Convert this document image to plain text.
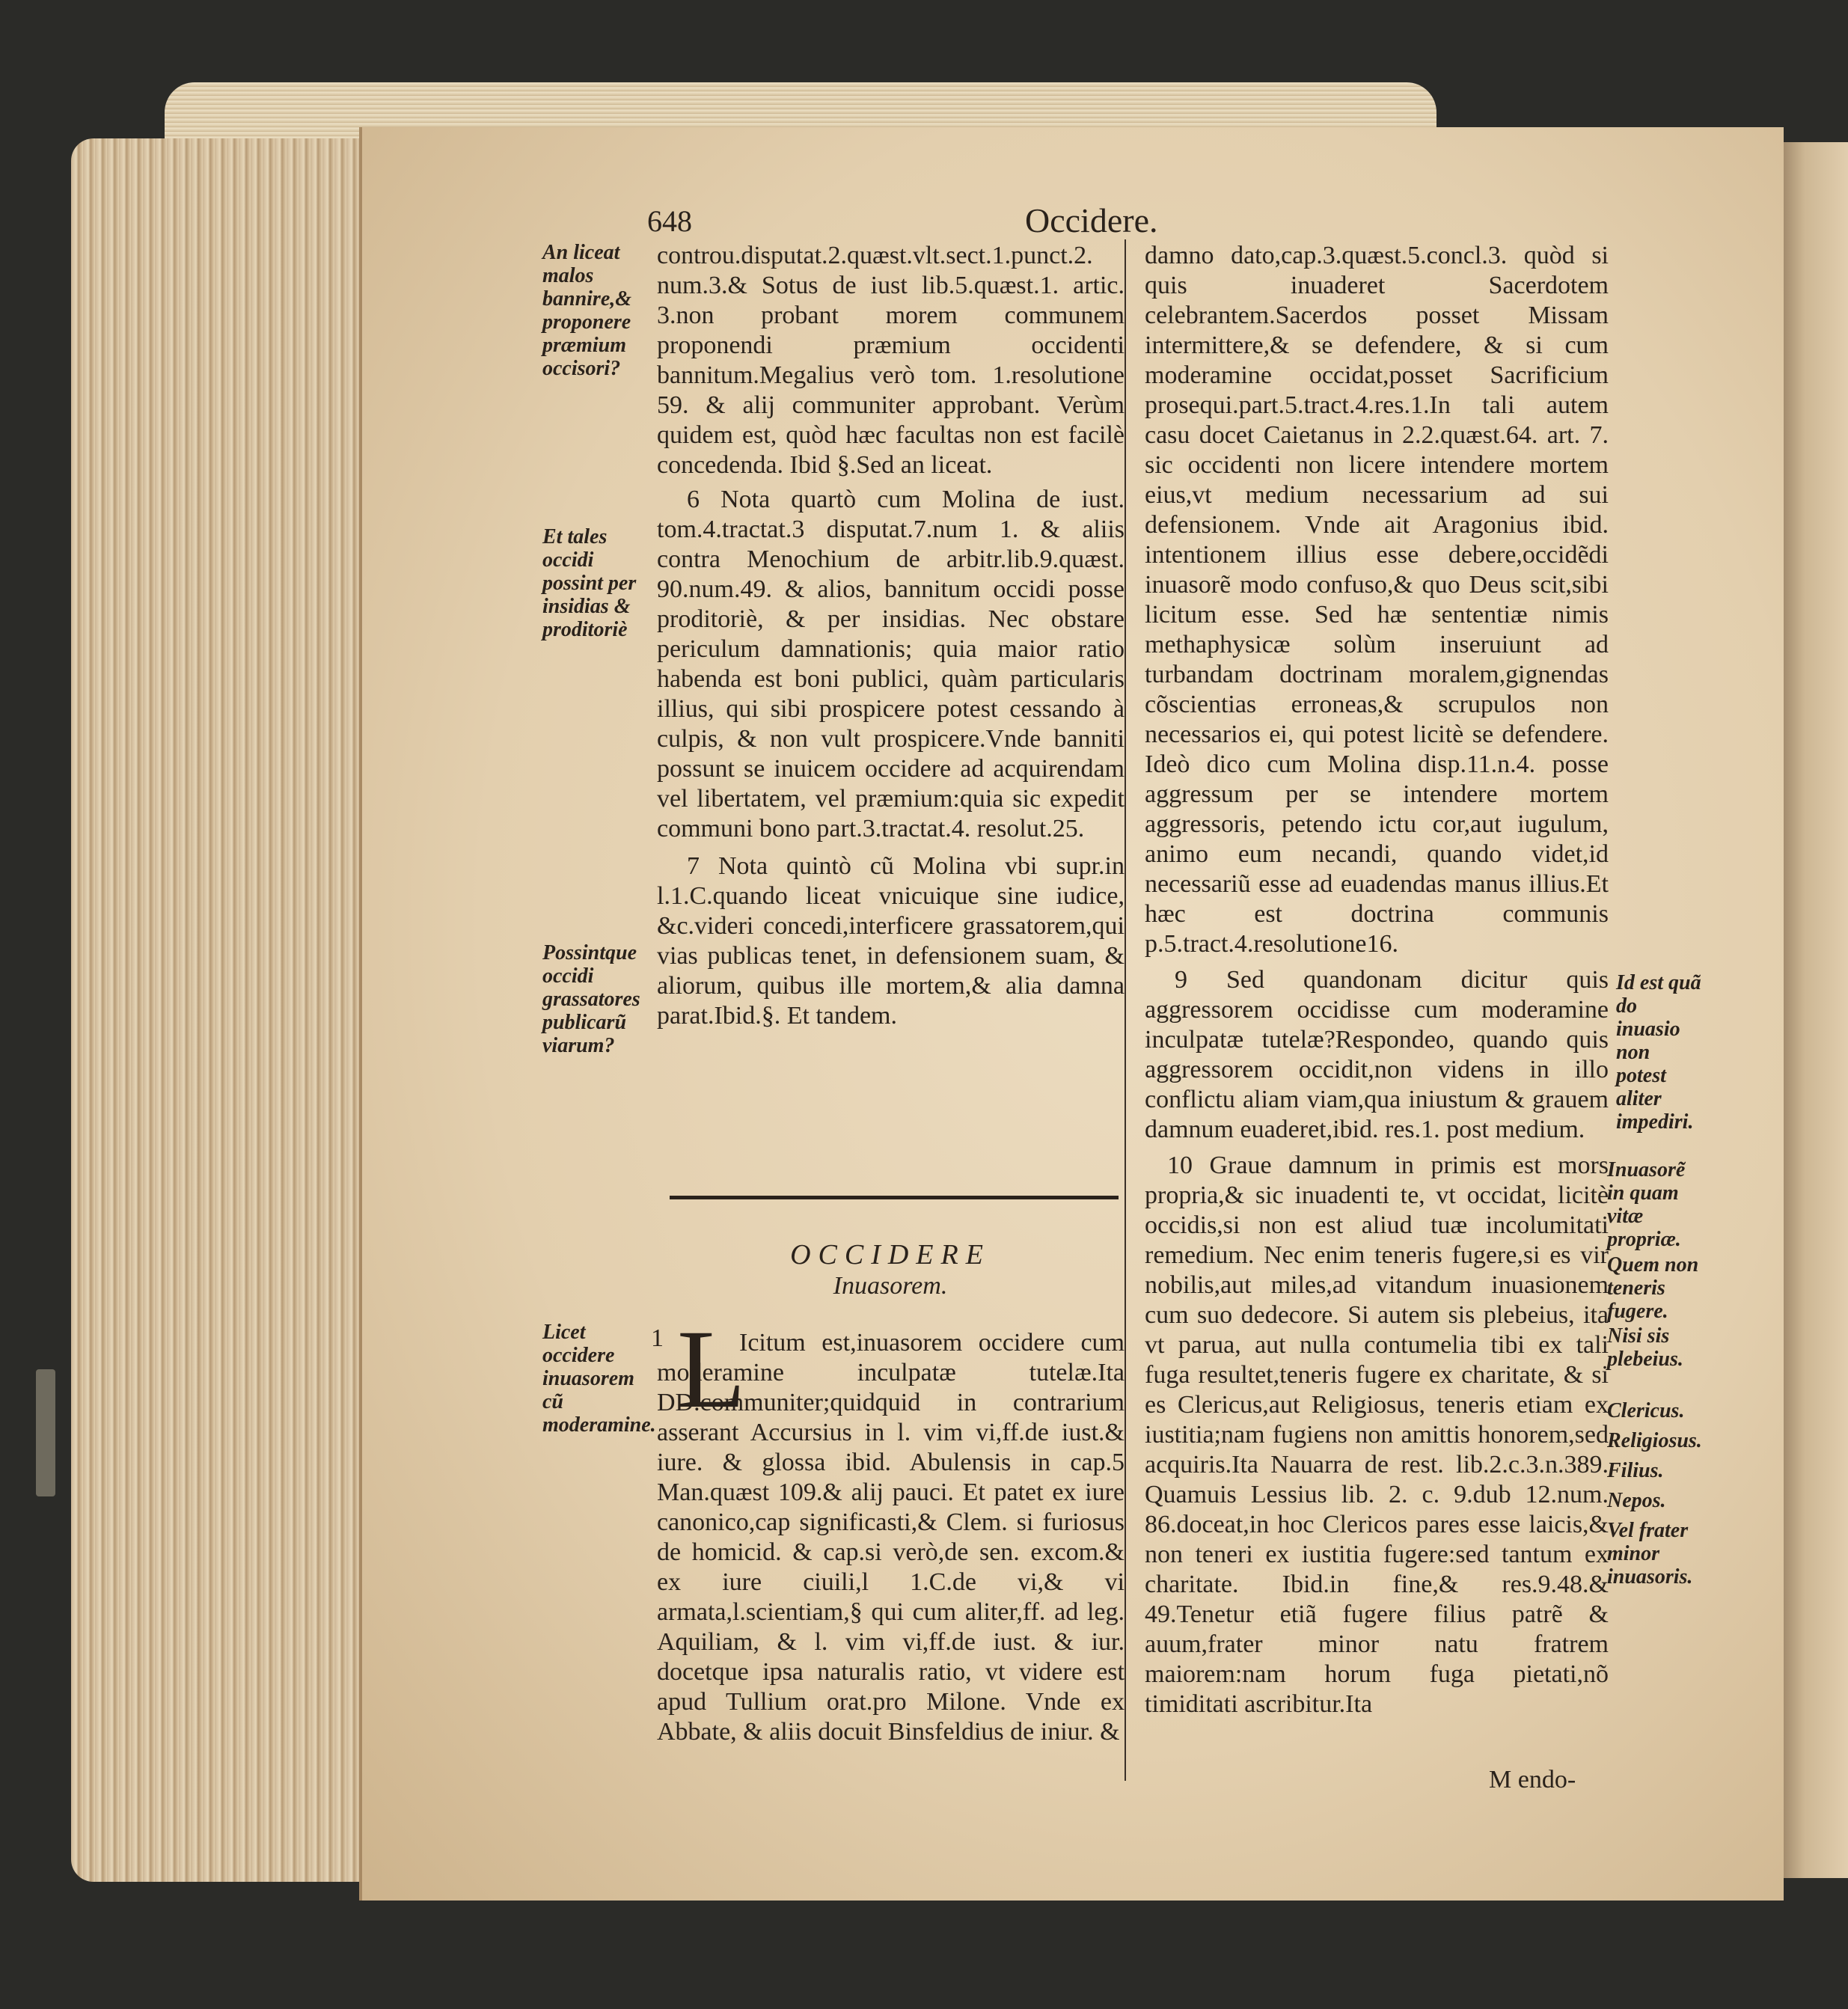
648	Occidere.
An liceat malos bannire,& proponere præmium occisori?
Et tales occidi possint per insidias & proditoriè
Possintque occidi grassatores publicarũ viarum?
Licet occidere inuasorem cũ moderamine.

controu.disputat.2.quæst.vlt.sect.1.punct.2. num.3.& Sotus de iust lib.5.quæst.1. artic. 3.non probant morem communem proponendi præmium occidenti bannitum.Megalius verò tom. 1.resolutione 59. & alij communiter approbant. Verùm quidem est, quòd hæc facultas non est facilè concedenda. Ibid §.Sed an liceat.

6 Nota quartò cum Molina de iust. tom.4.tractat.3 disputat.7.num 1. & aliis contra Menochium de arbitr.lib.9.quæst. 90.num.49. & alios, bannitum occidi posse proditoriè, & per insidias. Nec obstare periculum damnationis; quia maior ratio habenda est boni publici, quàm particularis illius, qui sibi prospicere potest cessando à culpis, & non vult prospicere.Vnde banniti possunt se inuicem occidere ad acquirendam vel libertatem, vel præmium:quia sic expedit communi bono part.3.tractat.4. resolut.25.

7 Nota quintò cũ Molina vbi supr.in l.1.C.quando liceat vnicuique sine iudice, &c.videri concedi,interficere grassatorem,qui vias publicas tenet, in defensionem suam, & aliorum, quibus ille mortem,& alia damna parat.Ibid.§. Et tandem.

OCCIDERE
Inuasorem.
1 L

Icitum est,inuasorem occidere cum moderamine inculpatæ tutelæ.Ita DD.communiter;quidquid in contrarium asserant Accursius in l. vim vi,ff.de iust.& iure. & glossa ibid. Abulensis in cap.5 Man.quæst 109.& alij pauci. Et patet ex iure canonico,cap significasti,& Clem. si furiosus de homicid. & cap.si verò,de sen. excom.& ex iure ciuili,l 1.C.de vi,& vi armata,l.scientiam,§ qui cum aliter,ff. ad leg. Aquiliam, & l. vim vi,ff.de iust. & iur. docetque ipsa naturalis ratio, vt videre est apud Tullium orat.pro Milone. Vnde ex Abbate, & aliis docuit Binsfeldius de iniur. &

damno dato,cap.3.quæst.5.concl.3. quòd si quis inuaderet Sacerdotem celebrantem.Sacerdos posset Missam intermittere,& se defendere, & si cum moderamine occidat,posset Sacrificium prosequi.part.5.tract.4.res.1.In tali autem casu docet Caietanus in 2.2.quæst.64. art. 7. sic occidenti non licere intendere mortem eius,vt medium necessarium ad sui defensionem. Vnde ait Aragonius ibid. intentionem illius esse debere,occidẽdi inuasorẽ modo confuso,& quo Deus scit,sibi licitum esse. Sed hæ sententiæ nimis methaphysicæ solùm inseruiunt ad turbandam doctrinam moralem,gignendas cõscientias erroneas,& scrupulos non necessarios ei, qui potest licitè se defendere. Ideò dico cum Molina disp.11.n.4. posse aggressum per se intendere mortem aggressoris, petendo ictu cor,aut iugulum, animo eum necandi, quando videt,id necessariũ esse ad euadendas manus illius.Et hæc est doctrina communis p.5.tract.4.resolutione16.

9 Sed quandonam dicitur quis aggressorem occidisse cum moderamine inculpatæ tutelæ?Respondeo, quando quis aggressorem occidit,non videns in illo conflictu aliam viam,qua iniustum & grauem damnum euaderet,ibid. res.1. post medium.

10 Graue damnum in primis est mors propria,& sic inuadenti te, vt occidat, licitè occidis,si non est aliud tuæ incolumitati remedium. Nec enim teneris fugere,si es vir nobilis,aut miles,ad vitandum inuasionem cum suo dedecore. Si autem sis plebeius, ita vt parua, aut nulla contumelia tibi ex tali fuga resultet,teneris fugere ex charitate, & si es Clericus,aut Religiosus, teneris etiam ex iustitia;nam fugiens non amittis honorem,sed acquiris.Ita Nauarra de rest. lib.2.c.3.n.389. Quamuis Lessius lib. 2. c. 9.dub 12.num. 86.doceat,in hoc Clericos pares esse laicis,& non teneri ex iustitia fugere:sed tantum ex charitate. Ibid.in fine,& res.9.48.& 49.Tenetur etiã fugere filius patrẽ & auum,frater minor natu fratrem maiorem:nam horum fuga pietati,nõ timiditati ascribitur.Ita

M endo-
Id est quã do inuasio non potest aliter impediri.
Inuasorẽ in quam vitæ propriæ.
Quem non teneris fugere.
Nisi sis plebeius.
Clericus.
Religiosus.
Filius.
Nepos.
Vel frater minor inuasoris.
